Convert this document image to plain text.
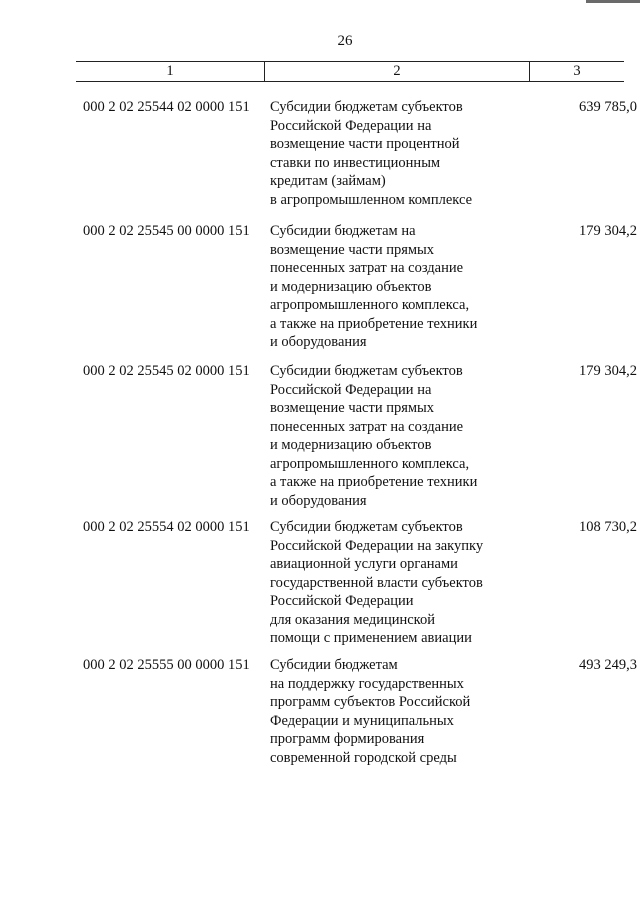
26
1	2	3
000 2 02 25544 02 0000 151 Субсидии бюджетам субъектов
Российской Федерации на
возмещение части процентной
ставки по инвестиционным
кредитам (займам)
в агропромышленном комплексе
639 785,0
000 2 02 25545 00 0000 151 Субсидии бюджетам на
возмещение части прямых
понесенных затрат на создание
и модернизацию объектов
агропромышленного комплекса,
а также на приобретение техники
и оборудования
179 304,2
000 2 02 25545 02 0000 151 Субсидии бюджетам субъектов
Российской Федерации на
возмещение части прямых
понесенных затрат на создание
и модернизацию объектов
агропромышленного комплекса,
а также на приобретение техники
и оборудования
179 304,2
000 2 02 25554 02 0000 151 Субсидии бюджетам субъектов
Российской Федерации на закупку
авиационной услуги органами
государственной власти субъектов
Российской Федерации
для оказания медицинской
помощи с применением авиации
108 730,2
000 2 02 25555 00 0000 151 Субсидии бюджетам
на поддержку государственных
программ субъектов Российской
Федерации и муниципальных
программ формирования
современной городской среды
493 249,3
